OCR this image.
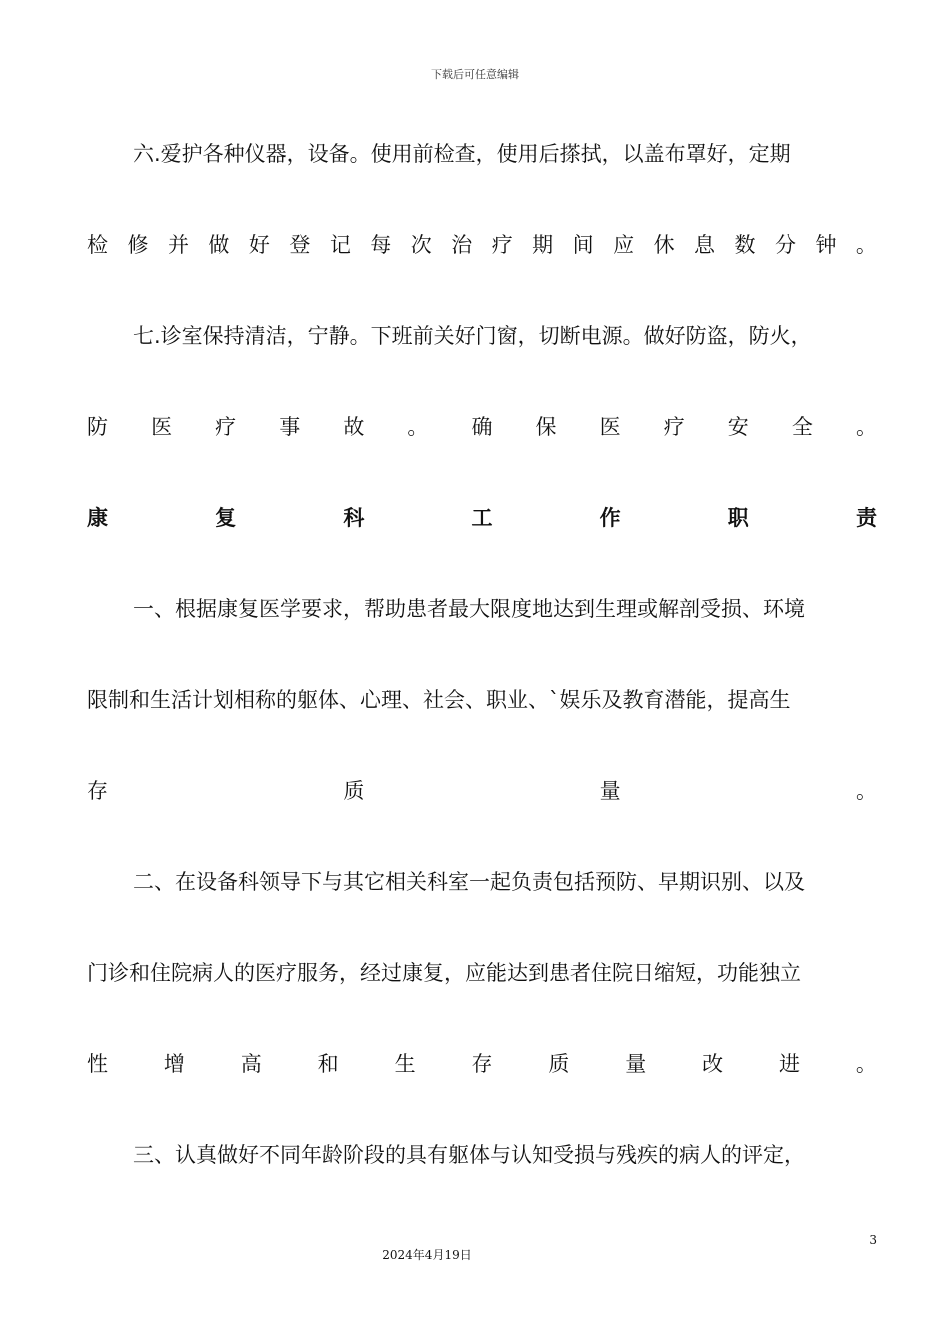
下载后可任意编辑
六.爱护各种仪器，设备。使用前检查，使用后搽拭，以盖布罩好，定期
检 修 并 做 好 登 记 每 次 治 疗 期 间 应 休 息 数 分 钟 。
七.诊室保持清洁，宁静。下班前关好门窗，切断电源。做好防盗，防火，
防 医 疗 事 故 。 确 保 医 疗 安 全 。
康	复	科	工	作	职	责
一、根据康复医学要求，帮助患者最大限度地达到生理或解剖受损、环境
限制和生活计划相称的躯体、心理、社会、职业、`娱乐及教育潜能，提高生
存	质	量	。
二、在设备科领导下与其它相关科室一起负责包括预防、早期识别、以及
门诊和住院病人的医疗服务，经过康复，应能达到患者住院日缩短，功能独立
性	增	高	和	生	存	质	量	改	进	。
三、认真做好不同年龄阶段的具有躯体与认知受损与残疾的病人的评定，
3
2024年4月19日
